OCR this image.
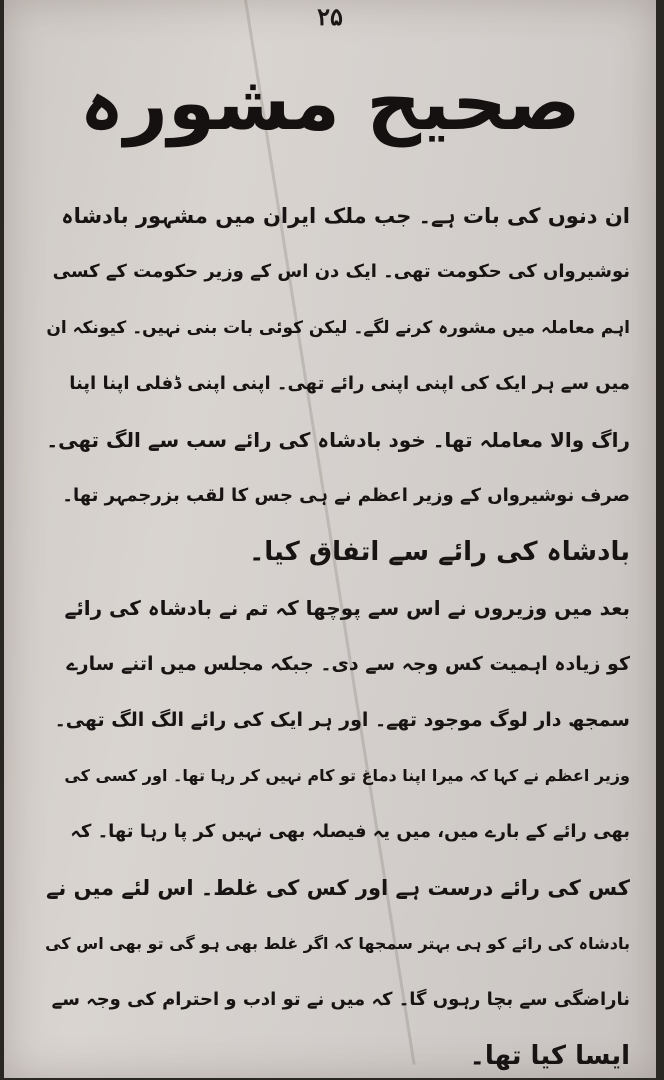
۲۵
صحیح مشورہ
ان دنوں کی بات ہے۔ جب ملک ایران میں مشہور بادشاہ
نوشیرواں کی حکومت تھی۔ ایک دن اس کے وزیر حکومت کے کسی
اہم معاملہ میں مشورہ کرنے لگے۔ لیکن کوئی بات بنی نہیں۔ کیونکہ ان
میں سے ہر ایک کی اپنی اپنی رائے تھی۔ اپنی اپنی ڈفلی اپنا اپنا
راگ والا معاملہ تھا۔ خود بادشاہ کی رائے سب سے الگ تھی۔
صرف نوشیرواں کے وزیر اعظم نے ہی جس کا لقب بزرجمہر تھا۔
بادشاہ کی رائے سے اتفاق کیا۔
بعد میں وزیروں نے اس سے پوچھا کہ تم نے بادشاہ کی رائے
کو زیادہ اہمیت کس وجہ سے دی۔ جبکہ مجلس میں اتنے سارے
سمجھ دار لوگ موجود تھے۔ اور ہر ایک کی رائے الگ الگ تھی۔
وزیر اعظم نے کہا کہ میرا اپنا دماغ تو کام نہیں کر رہا تھا۔ اور کسی کی
بھی رائے کے بارے میں، میں یہ فیصلہ بھی نہیں کر پا رہا تھا۔ کہ
کس کی رائے درست ہے اور کس کی غلط۔ اس لئے میں نے
بادشاہ کی رائے کو ہی بہتر سمجھا کہ اگر غلط بھی ہو گی تو بھی اس کی
ناراضگی سے بچا رہوں گا۔ کہ میں نے تو ادب و احترام کی وجہ سے
ایسا کیا تھا۔
